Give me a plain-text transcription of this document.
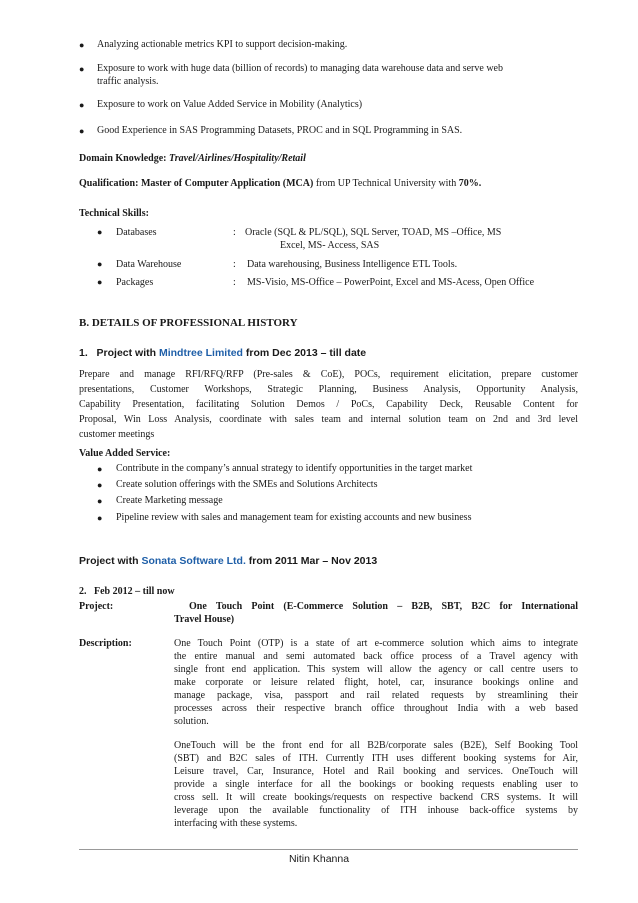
● Analyzing actionable metrics KPI to support decision-making.
● Exposure to work with huge data (billion of records) to managing data warehouse data and serve web
traffic analysis.
● Exposure to work on Value Added Service in Mobility (Analytics)
● Good Experience in SAS Programming Datasets, PROC and in SQL Programming in SAS.
Domain Knowledge: Travel/Airlines/Hospitality/Retail
Qualification: Master of Computer Application (MCA) from UP Technical University with 70%.
Technical Skills:
● Databases	: Oracle (SQL & PL/SQL), SQL Server, TOAD, MS –Office, MS
Excel, MS- Access, SAS
● Data Warehouse	: Data warehousing, Business Intelligence ETL Tools.
● Packages	: MS-Visio, MS-Office – PowerPoint, Excel and MS-Acess, Open Office
B. DETAILS OF PROFESSIONAL HISTORY
1. Project with Mindtree Limited from Dec 2013 – till date
Prepare and manage RFI/RFQ/RFP (Pre-sales & CoE), POCs, requirement elicitation, prepare customer
presentations, Customer Workshops, Strategic Planning, Business Analysis, Opportunity Analysis,
Capability Presentation, facilitating Solution Demos / PoCs, Capability Deck, Reusable Content for
Proposal, Win Loss Analysis, coordinate with sales team and internal solution team on 2nd and 3rd level
customer meetings
Value Added Service:
● Contribute in the company’s annual strategy to identify opportunities in the target market
● Create solution offerings with the SMEs and Solutions Architects
● Create Marketing message
● Pipeline review with sales and management team for existing accounts and new business
Project with Sonata Software Ltd. from 2011 Mar – Nov 2013
2.   Feb 2012 – till now
Project:	One Touch Point (E-Commerce Solution – B2B, SBT, B2C for International
Travel House)
Description:	One Touch Point (OTP) is a state of art e-commerce solution which aims to integrate
the entire manual and semi automated back office process of a Travel agency with
single front end application. This system will allow the agency or call centre users to
make corporate or leisure related flight, hotel, car, insurance bookings online and
manage package, visa, passport and rail related requests by streamlining their
processes across their respective branch office throughout India with a web based
solution.
OneTouch will be the front end for all B2B/corporate sales (B2E), Self Booking Tool
(SBT) and B2C sales of ITH. Currently ITH uses different booking systems for Air,
Leisure travel, Car, Insurance, Hotel and Rail booking and services. OneTouch will
provide a single interface for all the bookings or booking requests enabling user to
cross sell. It will create bookings/requests on respective backend CRS systems. It will
leverage upon the available functionality of ITH inhouse back-office systems by
interfacing with these systems.
Nitin Khanna
